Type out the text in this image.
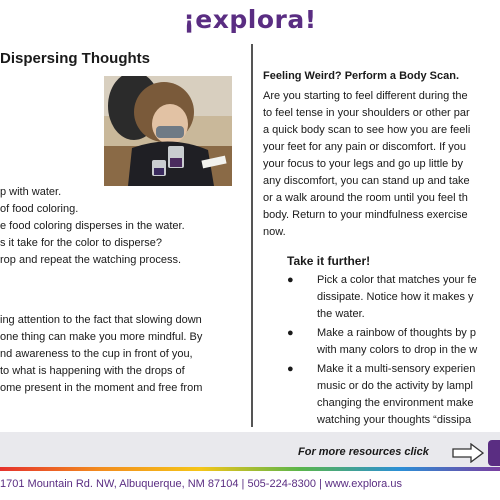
¡explora!
Dispersing Thoughts
p with water.
of food coloring.
e food coloring disperses in the water.
s it take for the color to disperse?
rop and repeat the watching process.
ing attention to the fact that slowing down
one thing can make you more mindful. By
nd awareness to the cup in front of you,
to what is happening with the drops of
ome present in the moment and free from
Feeling Weird? Perform a Body Scan.
Are you starting to feel different during the
to feel tense in your shoulders or other par
a quick body scan to see how you are feeli
your feet for any pain or discomfort. If you
your focus to your legs and go up little by
any discomfort, you can stand up and take
or a walk around the room until you feel th
body. Return to your mindfulness exercise
now.
Take it further!
● Pick a color that matches your fe
dissipate. Notice how it makes y
the water.
● Make a rainbow of thoughts by p
with many colors to drop in the w
● Make it a multi-sensory experien
music or do the activity by lampl
changing the environment make
watching your thoughts “dissipa
For more resources click
1701 Mountain Rd. NW, Albuquerque, NM 87104 | 505-224-8300 | www.explora.us
